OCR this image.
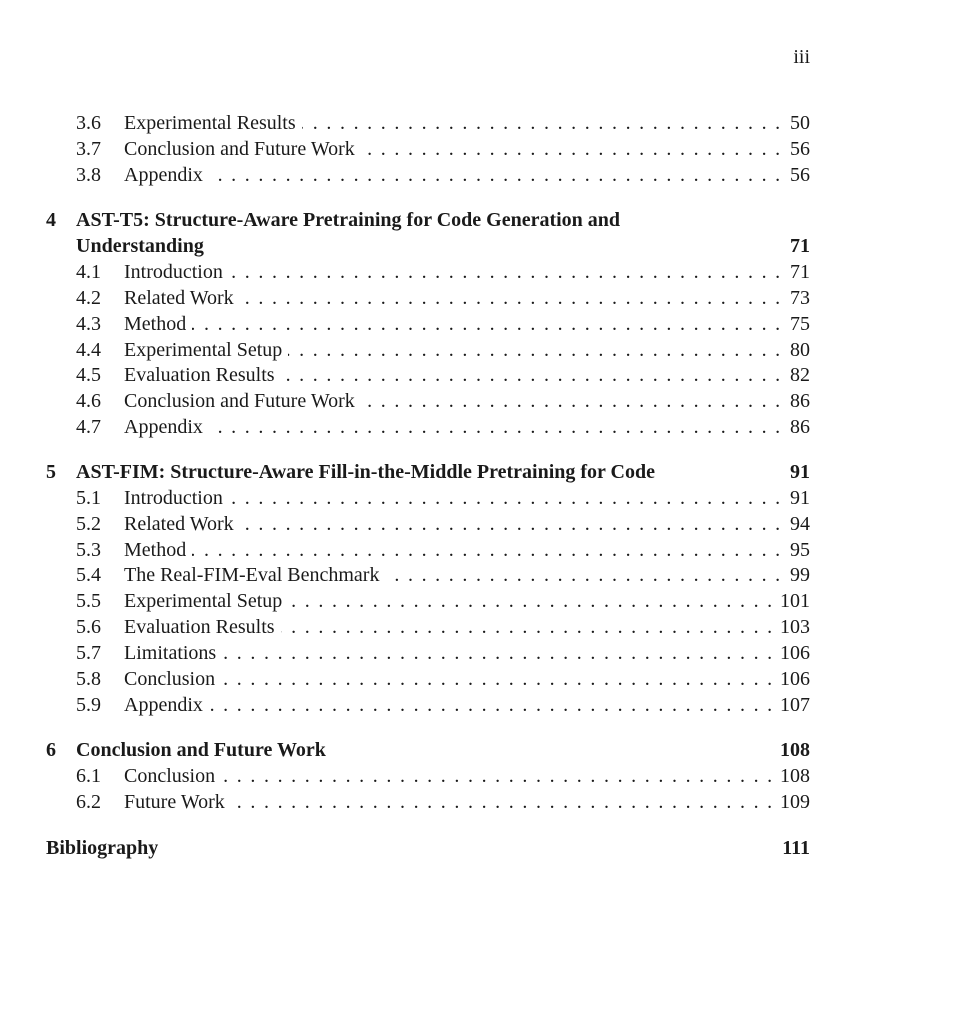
iii
3.6	Experimental Results . . .	50
3.7	Conclusion and Future Work . . .	56
3.8	Appendix . . .	56
4	AST-T5: Structure-Aware Pretraining for Code Generation and
Understanding	71
4.1	Introduction . . .	71
4.2	Related Work . . .	73
4.3	Method . . .	75
4.4	Experimental Setup . . .	80
4.5	Evaluation Results . . .	82
4.6	Conclusion and Future Work . . .	86
4.7	Appendix . . .	86
5	AST-FIM: Structure-Aware Fill-in-the-Middle Pretraining for Code	91
5.1	Introduction . . .	91
5.2	Related Work . . .	94
5.3	Method . . .	95
5.4	The Real-FIM-Eval Benchmark . . .	99
5.5	Experimental Setup . . .	101
5.6	Evaluation Results . . .	103
5.7	Limitations . . .	106
5.8	Conclusion . . .	106
5.9	Appendix . . .	107
6	Conclusion and Future Work	108
6.1	Conclusion . . .	108
6.2	Future Work . . .	109
Bibliography	111
